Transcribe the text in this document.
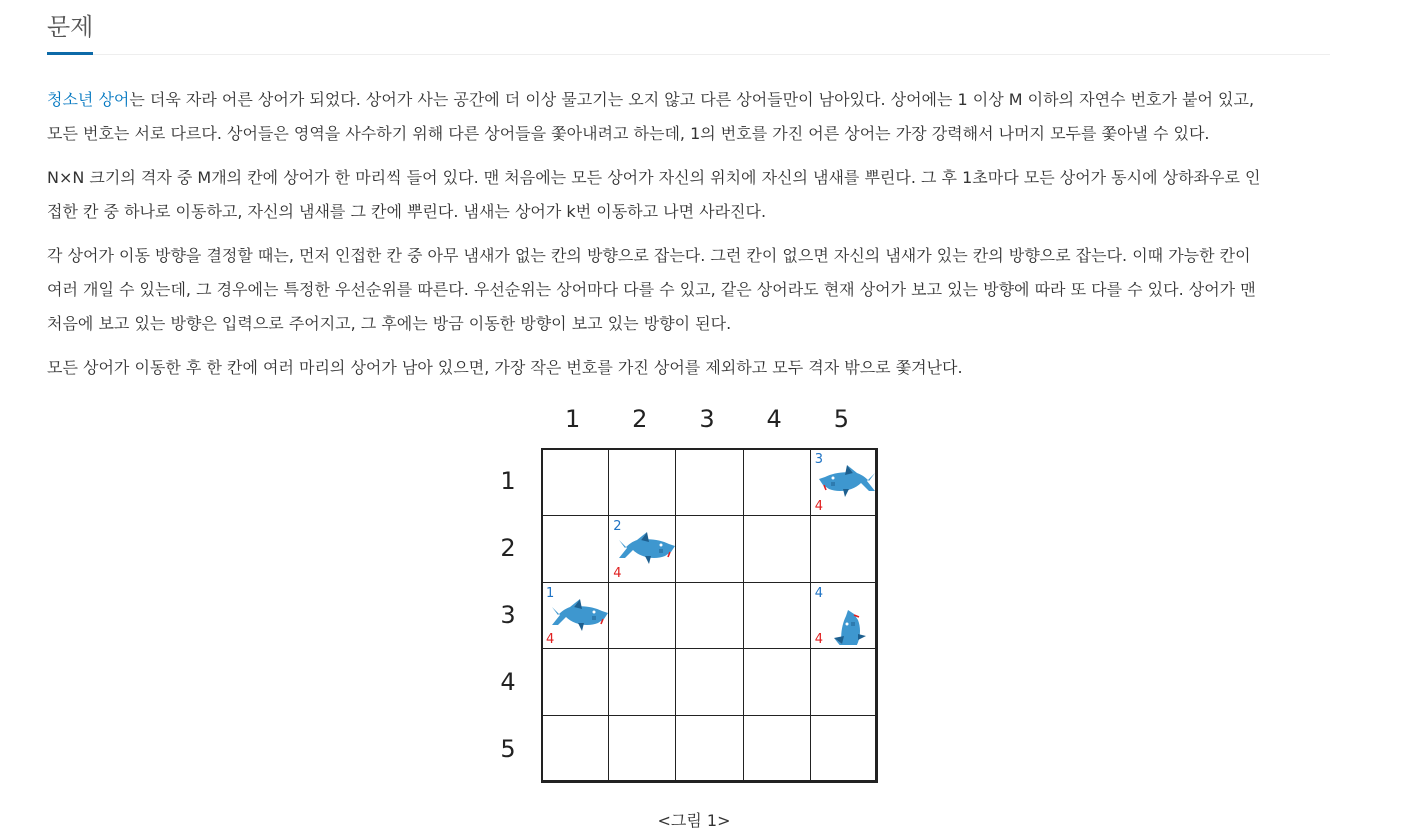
문제

청소년 상어는 더욱 자라 어른 상어가 되었다. 상어가 사는 공간에 더 이상 물고기는 오지 않고 다른 상어들만이 남아있다. 상어에는 1 이상 M 이하의 자연수 번호가 붙어 있고,
모든 번호는 서로 다르다. 상어들은 영역을 사수하기 위해 다른 상어들을 쫓아내려고 하는데, 1의 번호를 가진 어른 상어는 가장 강력해서 나머지 모두를 쫓아낼 수 있다.

N×N 크기의 격자 중 M개의 칸에 상어가 한 마리씩 들어 있다. 맨 처음에는 모든 상어가 자신의 위치에 자신의 냄새를 뿌린다. 그 후 1초마다 모든 상어가 동시에 상하좌우로 인
접한 칸 중 하나로 이동하고, 자신의 냄새를 그 칸에 뿌린다. 냄새는 상어가 k번 이동하고 나면 사라진다.

각 상어가 이동 방향을 결정할 때는, 먼저 인접한 칸 중 아무 냄새가 없는 칸의 방향으로 잡는다. 그런 칸이 없으면 자신의 냄새가 있는 칸의 방향으로 잡는다. 이때 가능한 칸이
여러 개일 수 있는데, 그 경우에는 특정한 우선순위를 따른다. 우선순위는 상어마다 다를 수 있고, 같은 상어라도 현재 상어가 보고 있는 방향에 따라 또 다를 수 있다. 상어가 맨
처음에 보고 있는 방향은 입력으로 주어지고, 그 후에는 방금 이동한 방향이 보고 있는 방향이 된다.

모든 상어가 이동한 후 한 칸에 여러 마리의 상어가 남아 있으면, 가장 작은 번호를 가진 상어를 제외하고 모두 격자 밖으로 쫓겨난다.

3
4
2
4
1
4
4
4
1	2	3	4	5
1
2
3
4
5
<그림 1>
